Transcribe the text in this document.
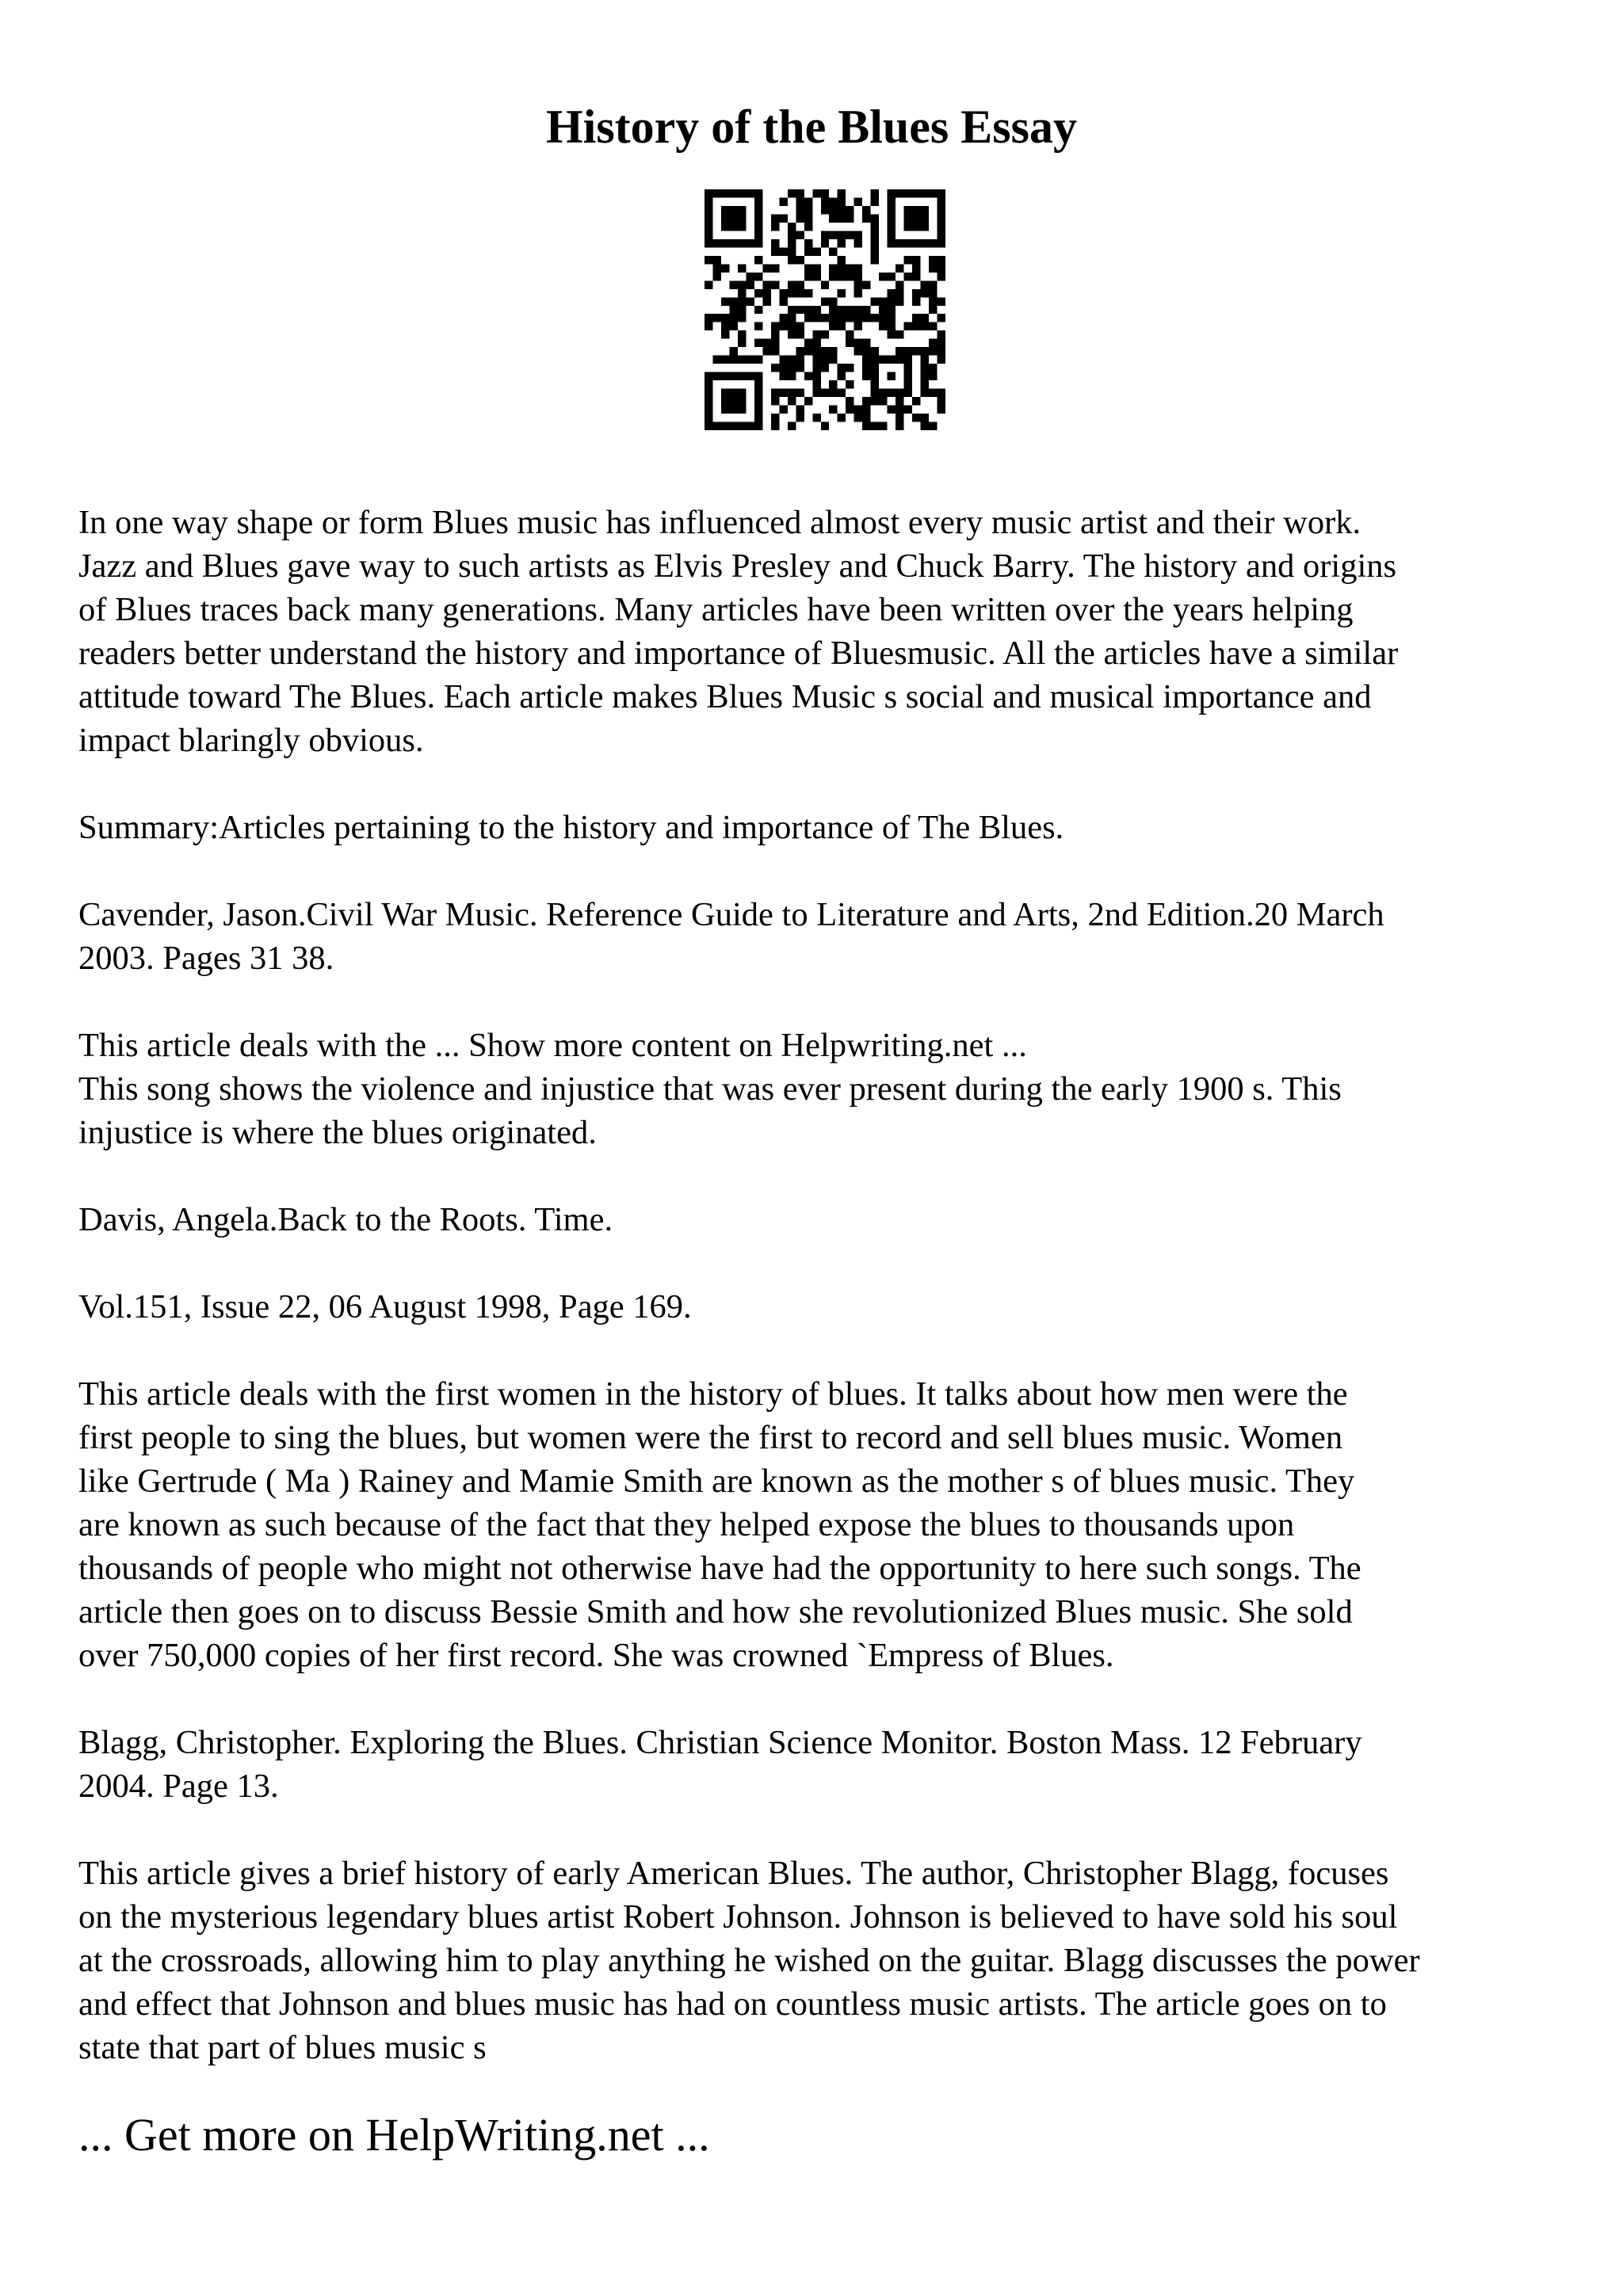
History of the Blues Essay

In one way shape or form Blues music has influenced almost every music artist and their work.
Jazz and Blues gave way to such artists as Elvis Presley and Chuck Barry. The history and origins
of Blues traces back many generations. Many articles have been written over the years helping
readers better understand the history and importance of Bluesmusic. All the articles have a similar
attitude toward The Blues. Each article makes Blues Music s social and musical importance and
impact blaringly obvious.

Summary:Articles pertaining to the history and importance of The Blues.

Cavender, Jason.Civil War Music. Reference Guide to Literature and Arts, 2nd Edition.20 March
2003. Pages 31 38.

This article deals with the ... Show more content on Helpwriting.net ...
This song shows the violence and injustice that was ever present during the early 1900 s. This
injustice is where the blues originated.

Davis, Angela.Back to the Roots. Time.

Vol.151, Issue 22, 06 August 1998, Page 169.

This article deals with the first women in the history of blues. It talks about how men were the
first people to sing the blues, but women were the first to record and sell blues music. Women
like Gertrude ( Ma ) Rainey and Mamie Smith are known as the mother s of blues music. They
are known as such because of the fact that they helped expose the blues to thousands upon
thousands of people who might not otherwise have had the opportunity to here such songs. The
article then goes on to discuss Bessie Smith and how she revolutionized Blues music. She sold
over 750,000 copies of her first record. She was crowned `Empress of Blues.

Blagg, Christopher. Exploring the Blues. Christian Science Monitor. Boston Mass. 12 February
2004. Page 13.

This article gives a brief history of early American Blues. The author, Christopher Blagg, focuses
on the mysterious legendary blues artist Robert Johnson. Johnson is believed to have sold his soul
at the crossroads, allowing him to play anything he wished on the guitar. Blagg discusses the power
and effect that Johnson and blues music has had on countless music artists. The article goes on to
state that part of blues music s

... Get more on HelpWriting.net ...
